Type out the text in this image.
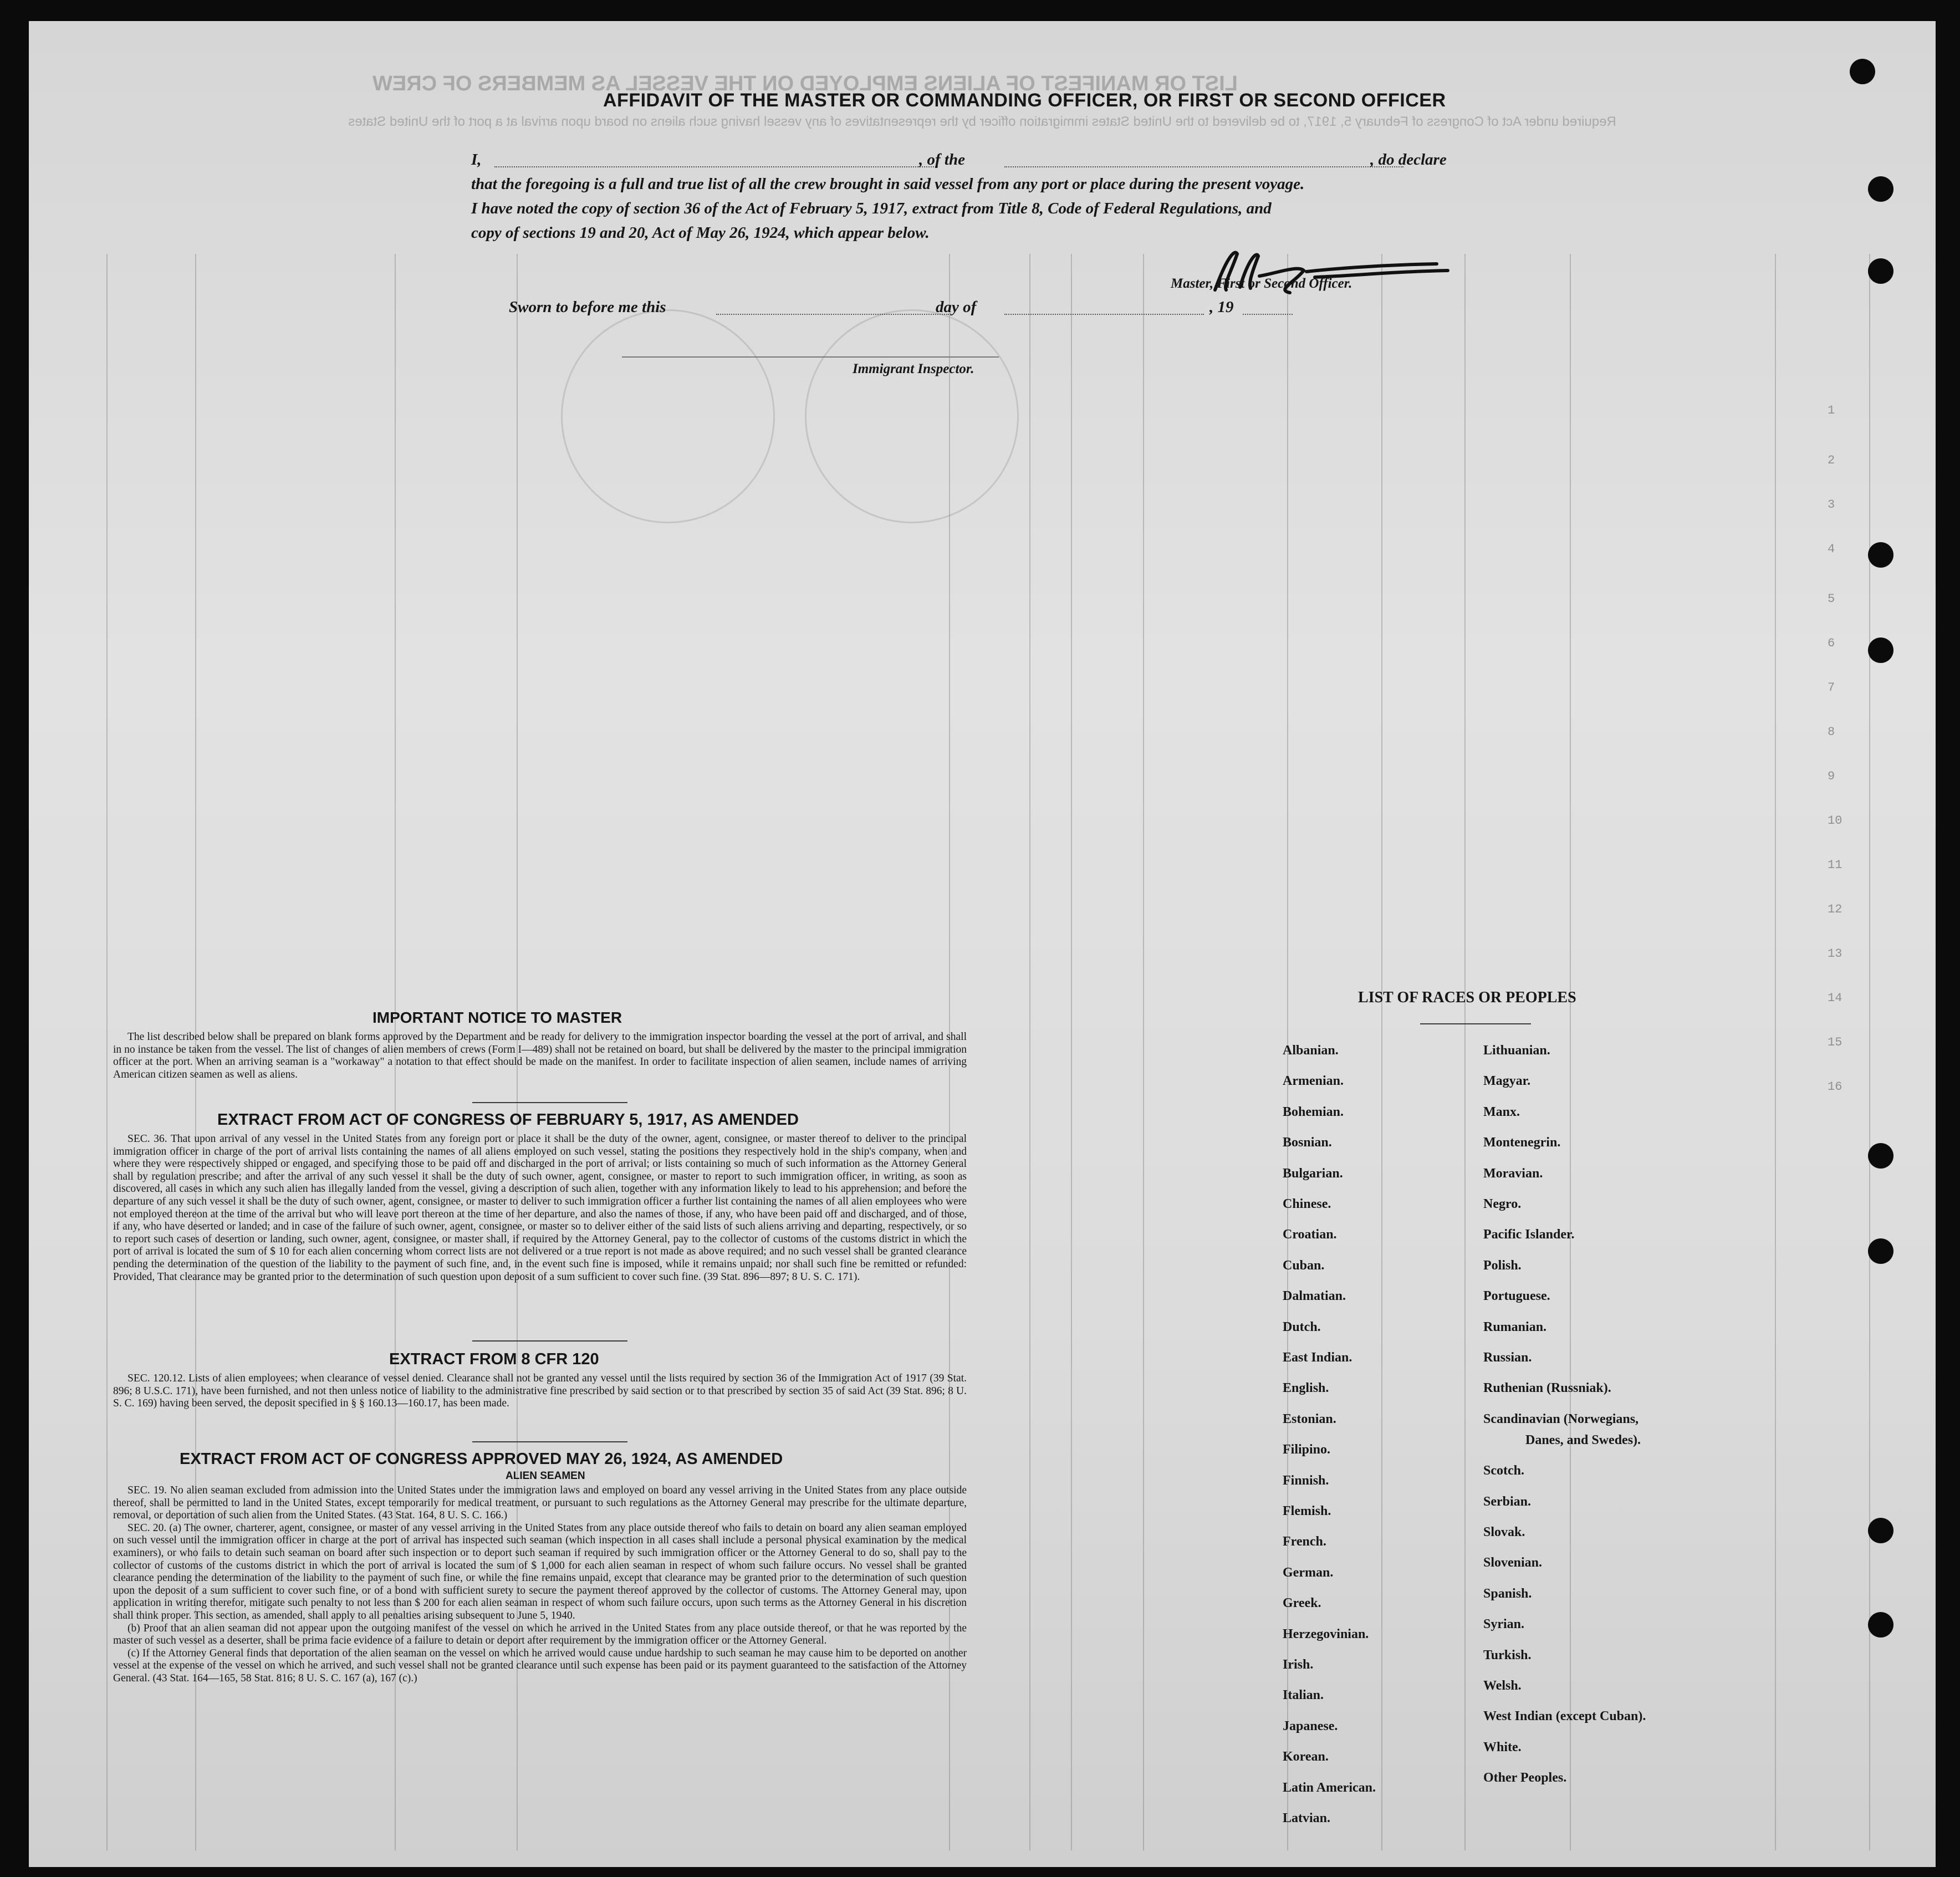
LIST OR MANIFEST OF ALIENS EMPLOYED ON THE VESSEL AS MEMBERS OF CREW
Required under Act of Congress of February 5, 1917, to be delivered to the United States immigration officer by the representatives of any vessel having such aliens on board upon arrival at a port of the United States
1
2
3
4
5
6
7
8
9
10
11
12
13
14
15
16
AFFIDAVIT OF THE MASTER OR COMMANDING OFFICER, OR FIRST OR SECOND OFFICER
I,	, of the	, do declare
that the foregoing is a full and true list of all the crew brought in said vessel from any port or place during the present voyage.
I have noted the copy of section 36 of the Act of February 5, 1917, extract from Title 8, Code of Federal Regulations, and
copy of sections 19 and 20, Act of May 26, 1924, which appear below.
Master, First or Second Officer.
Sworn to before me this	day of	, 19
Immigrant Inspector.
IMPORTANT NOTICE TO MASTER

The list described below shall be prepared on blank forms approved by the Department and be ready for delivery to the immigration inspector boarding the vessel at the port of arrival, and shall in no instance be taken from the vessel. The list of changes of alien members of crews (Form I—489) shall not be retained on board, but shall be delivered by the master to the principal immigration officer at the port. When an arriving seaman is a "workaway" a notation to that effect should be made on the manifest. In order to facilitate inspection of alien seamen, include names of arriving American citizen seamen as well as aliens.

EXTRACT FROM ACT OF CONGRESS OF FEBRUARY 5, 1917, AS AMENDED

SEC. 36. That upon arrival of any vessel in the United States from any foreign port or place it shall be the duty of the owner, agent, consignee, or master thereof to deliver to the principal immigration officer in charge of the port of arrival lists containing the names of all aliens employed on such vessel, stating the positions they respectively hold in the ship's company, when and where they were respectively shipped or engaged, and specifying those to be paid off and discharged in the port of arrival; or lists containing so much of such information as the Attorney General shall by regulation prescribe; and after the arrival of any such vessel it shall be the duty of such owner, agent, consignee, or master to report to such immigration officer, in writing, as soon as discovered, all cases in which any such alien has illegally landed from the vessel, giving a description of such alien, together with any information likely to lead to his apprehension; and before the departure of any such vessel it shall be the duty of such owner, agent, consignee, or master to deliver to such immigration officer a further list containing the names of all alien employees who were not employed thereon at the time of the arrival but who will leave port thereon at the time of her departure, and also the names of those, if any, who have been paid off and discharged, and of those, if any, who have deserted or landed; and in case of the failure of such owner, agent, consignee, or master so to deliver either of the said lists of such aliens arriving and departing, respectively, or so to report such cases of desertion or landing, such owner, agent, consignee, or master shall, if required by the Attorney General, pay to the collector of customs of the customs district in which the port of arrival is located the sum of $ 10 for each alien concerning whom correct lists are not delivered or a true report is not made as above required; and no such vessel shall be granted clearance pending the determination of the question of the liability to the payment of such fine, and, in the event such fine is imposed, while it remains unpaid; nor shall such fine be remitted or refunded: Provided, That clearance may be granted prior to the determination of such question upon deposit of a sum sufficient to cover such fine. (39 Stat. 896—897; 8 U. S. C. 171).

EXTRACT FROM 8 CFR 120

SEC. 120.12. Lists of alien employees; when clearance of vessel denied. Clearance shall not be granted any vessel until the lists required by section 36 of the Immigration Act of 1917 (39 Stat. 896; 8 U.S.C. 171), have been furnished, and not then unless notice of liability to the administrative fine prescribed by said section or to that prescribed by section 35 of said Act (39 Stat. 896; 8 U. S. C. 169) having been served, the deposit specified in § § 160.13—160.17, has been made.

EXTRACT FROM ACT OF CONGRESS APPROVED MAY 26, 1924, AS AMENDED
ALIEN SEAMEN

SEC. 19. No alien seaman excluded from admission into the United States under the immigration laws and employed on board any vessel arriving in the United States from any place outside thereof, shall be permitted to land in the United States, except temporarily for medical treatment, or pursuant to such regulations as the Attorney General may prescribe for the ultimate departure, removal, or deportation of such alien from the United States. (43 Stat. 164, 8 U. S. C. 166.)

SEC. 20. (a) The owner, charterer, agent, consignee, or master of any vessel arriving in the United States from any place outside thereof who fails to detain on board any alien seaman employed on such vessel until the immigration officer in charge at the port of arrival has inspected such seaman (which inspection in all cases shall include a personal physical examination by the medical examiners), or who fails to detain such seaman on board after such inspection or to deport such seaman if required by such immigration officer or the Attorney General to do so, shall pay to the collector of customs of the customs district in which the port of arrival is located the sum of $ 1,000 for each alien seaman in respect of whom such failure occurs. No vessel shall be granted clearance pending the determination of the liability to the payment of such fine, or while the fine remains unpaid, except that clearance may be granted prior to the determination of such question upon the deposit of a sum sufficient to cover such fine, or of a bond with sufficient surety to secure the payment thereof approved by the collector of customs. The Attorney General may, upon application in writing therefor, mitigate such penalty to not less than $ 200 for each alien seaman in respect of whom such failure occurs, upon such terms as the Attorney General in his discretion shall think proper. This section, as amended, shall apply to all penalties arising subsequent to June 5, 1940.

(b) Proof that an alien seaman did not appear upon the outgoing manifest of the vessel on which he arrived in the United States from any place outside thereof, or that he was reported by the master of such vessel as a deserter, shall be prima facie evidence of a failure to detain or deport after requirement by the immigration officer or the Attorney General.

(c) If the Attorney General finds that deportation of the alien seaman on the vessel on which he arrived would cause undue hardship to such seaman he may cause him to be deported on another vessel at the expense of the vessel on which he arrived, and such vessel shall not be granted clearance until such expense has been paid or its payment guaranteed to the satisfaction of the Attorney General. (43 Stat. 164—165, 58 Stat. 816; 8 U. S. C. 167 (a), 167 (c).)

LIST OF RACES OR PEOPLES
Albanian.
Armenian.
Bohemian.
Bosnian.
Bulgarian.
Chinese.
Croatian.
Cuban.
Dalmatian.
Dutch.
East Indian.
English.
Estonian.
Filipino.
Finnish.
Flemish.
French.
German.
Greek.
Herzegovinian.
Irish.
Italian.
Japanese.
Korean.
Latin American.
Latvian.
Lithuanian.
Magyar.
Manx.
Montenegrin.
Moravian.
Negro.
Pacific Islander.
Polish.
Portuguese.
Rumanian.
Russian.
Ruthenian (Russniak).
Scandinavian (Norwegians,
Danes, and Swedes).
Scotch.
Serbian.
Slovak.
Slovenian.
Spanish.
Syrian.
Turkish.
Welsh.
West Indian (except Cuban).
White.
Other Peoples.
